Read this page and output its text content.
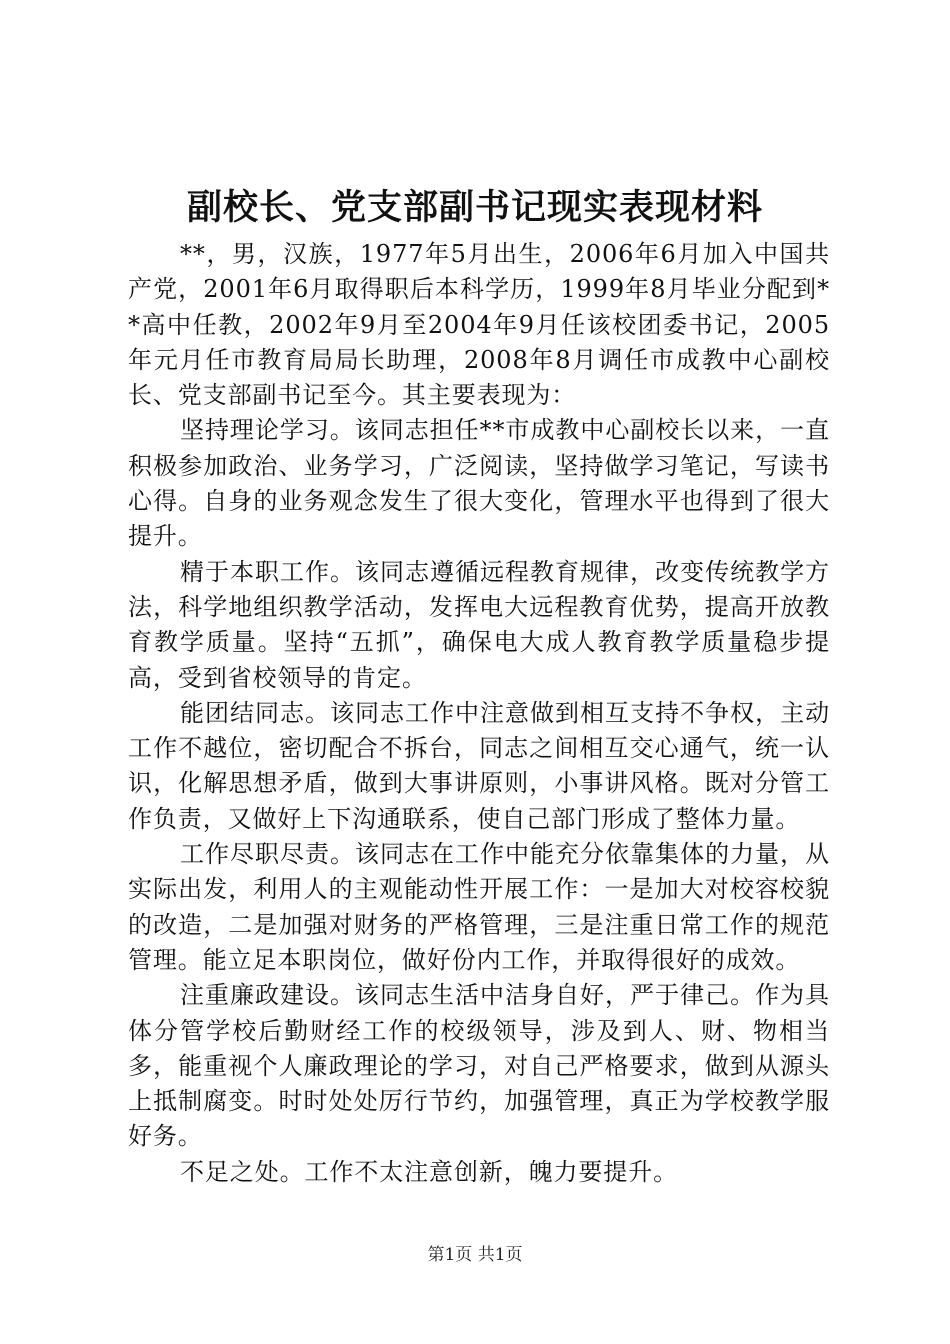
副校长、党支部副书记现实表现材料

**，男，汉族，1977年5月出生，2006年6月加入中国共产党，2001年6月取得职后本科学历，1999年8月毕业分配到**高中任教，2002年9月至2004年9月任该校团委书记，2005年元月任市教育局局长助理，2008年8月调任市成教中心副校长、党支部副书记至今。其主要表现为：

坚持理论学习。该同志担任**市成教中心副校长以来，一直积极参加政治、业务学习，广泛阅读，坚持做学习笔记，写读书心得。自身的业务观念发生了很大变化，管理水平也得到了很大提升。

精于本职工作。该同志遵循远程教育规律，改变传统教学方法，科学地组织教学活动，发挥电大远程教育优势，提高开放教育教学质量。坚持“五抓”，确保电大成人教育教学质量稳步提高，受到省校领导的肯定。

能团结同志。该同志工作中注意做到相互支持不争权，主动工作不越位，密切配合不拆台，同志之间相互交心通气，统一认识，化解思想矛盾，做到大事讲原则，小事讲风格。既对分管工作负责，又做好上下沟通联系，使自己部门形成了整体力量。

工作尽职尽责。该同志在工作中能充分依靠集体的力量，从实际出发，利用人的主观能动性开展工作：一是加大对校容校貌的改造，二是加强对财务的严格管理，三是注重日常工作的规范管理。能立足本职岗位，做好份内工作，并取得很好的成效。

注重廉政建设。该同志生活中洁身自好，严于律己。作为具体分管学校后勤财经工作的校级领导，涉及到人、财、物相当多，能重视个人廉政理论的学习，对自己严格要求，做到从源头上抵制腐变。时时处处厉行节约，加强管理，真正为学校教学服好务。

不足之处。工作不太注意创新，魄力要提升。

第1页 共1页
